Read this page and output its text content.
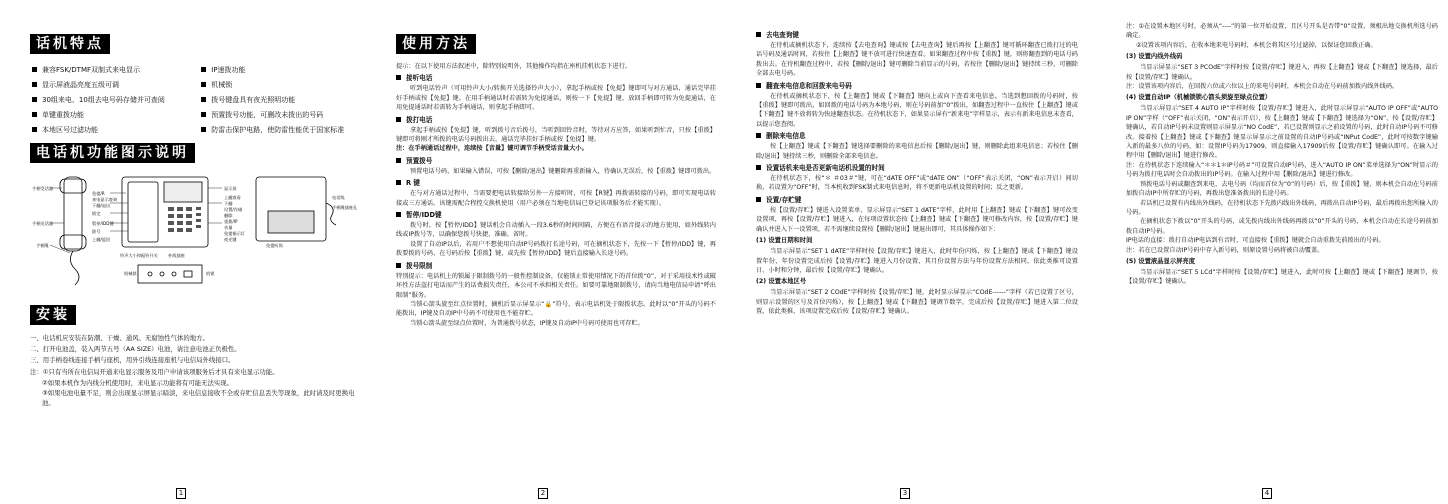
话机特点
兼容FSK/DTMF双制式来电显示
显示屏液晶亮度五级可调
30组来电、10组去电号码存储并可查阅
单键重拨功能
本地区号过滤功能
IP速拨功能
机械锁
拨号键盘具有夜光照明功能
预置拨号功能，可删改未拨出的号码
防雷击保护电路，使防雷性能优于国家标准
电话机功能图示说明
手柄受话器
手柄送话器
手柄绳
免提/R
来电显示查询
下翻/退出
锁定
暂停/IDD键
拨号
上翻/返回
显示屏
上翻查看
下翻
设置/存储
删除
重拨/IP
音量
免提指示灯
夜光键
电话线
手柄绳插座孔
免提听筒
铃声大小和振铃开关 外线插座
机械锁	机锁
安装
一、电话机应安装在防潮、干燥、通风、无腐蚀性气体的地方。
二、打开电池盖，装入两节五号（AA SIZE）电池，请注意电池正负极性。
三、用手柄卷线连接手柄与座机，用外引线连接座机与电信局外线接口。
注：①只有当所在电信局开通来电显示服务及用户申请该项服务后才具有来电显示功能。
②如果本机作为内线分机使用时，来电显示功能将有可能无法实现。
③如果电池电量不足，则会出现显示屏显示暗淡，来电信息接收不全或存贮信息丢失等现象，此时请及时更换电池。
1
使用方法

提示：在以下使用方法叙述中，除特别说明外，其他操作均指在座机挂机状态下进行。

接听电话

听到电话铃声（可用铃声大小/转换开关选择铃声大小），拿起手柄或按【免提】键即可与对方通话，通话完毕挂好手柄或按【免提】键。在用手柄通话时若需转为免提通话，则按一下【免提】键，放回手柄即可转为免提通话，在用免提通话时若需转为手柄通话，则拿起手柄即可。

拨打电话

拿起手柄或按【免提】键，听到拨号音后拨号，当听到回铃音时，等待对方应答，如果听到忙音，只按【重拨】键即可将刚才所拨的电话号码拨出去，通话完毕挂好手柄或按【免提】键。

注：在手柄通话过程中，连续按【音量】键可调节手柄受话音量大小。

预置拨号

预置电话号码，如果输入错误，可按【删除/退出】键删除再重新输入，待确认无误后，按【重拨】键即可拨出。

R 键

在与对方通话过程中，当需要把电话转接给另外一方接听时，可按【R键】再拨需转接的号码，即可实现电话转接或三方通话。该键需配合程控交换机使用（用户必须在当地电信局已登记该项服务后才能实现）。

暂停/IDD键

拨号时，按【暂停/IDD】键话机会自动插入一段3.6秒的时间间隔，方便在有语音提示的地方使用，如外线转内线或IP拨号等，以确保您拨号快捷、准确、省时。

设置了自动IP以后，若用户不想使用自动IP号码拨打长途号码，可在摘机状态下，先按一下【暂停/IDD】键，再拨要拨的号码，在号码后按【重拨】键，或先按【暂停/IDD】键后直接输入长途号码。

拨号限制

特别提示：电话机上的锁属于限制拨号的一般性控制设备，仅能锁止常使用情况下的首位拨“0”，对于采用技术性或破坏性方法盗打电话而产生的话费损失责任，本公司不承担相关责任。如要可靠地限制拨号，请向当地电信局申请“呼出限制”服务。

当锁心箭头旋至红点位置时，摘机后显示屏显示“🔒”符号，表示电话机处于限拨状态。此时以“0”开头的号码不能拨出，IP键及自动IP中号码不可使用也不能存贮。

当锁心箭头旋至绿点位置时，为普通拨号状态，IP键及自动IP中号码可使用也可存贮。

2
去电查询键

在待机或摘机状态下，连续按【去电查询】键或按【去电查询】键后再按【上翻查】键可循环翻查已拨打过的电话号码及通话时间，若按住【上翻查】键不放可进行快速查看。如果翻查过程中按【重拨】键，则将翻查到的电话号码拨出去。在待机翻查过程中，若按【删除/退出】键可删除当前显示的号码，若按住【删除/退出】键持续三秒，可删除全部去电号码。

翻查来电信息和回拨来电号码

在待机或摘机状态下，按【上翻查】键或【下翻查】键向上或向下查看来电信息。当选到想回拨的号码时，按【重拨】键即可拨出，如回拨的电话号码为本地号码，则在号码前加“0”拨出，如翻查过程中一直按住【上翻查】键或【下翻查】键不放将转为快速翻查状态。在待机状态下，如果显示屏有“新来电”字样显示，表示有新来电信息未查看，以提示您查阅。

删除来电信息

按【上翻查】键或【下翻查】键选择要删除的来电信息后按【删除/退出】键，则删除此组来电信息；若按住【删除/退出】键持续三秒，则删除全部来电信息。

设置话机来电是否更新电话机设置的时间

在待机状态下，按“＊ ＃03＃”键，可在“dATE OFF”或“dATE ON”（“OFF”表示关闭，“ON”表示开启）间切换，若设置为“OFF”时，当本机收到FSK制式来电信息时，将不更新电话机设置的时间；反之更新。

设置/存贮键

按【设置/存贮】键进入设置菜单，显示屏显示“SET 1 dATE”字样，此时用【上翻查】键或【下翻查】键可改变设置项，再按【设置/存贮】键进入，在每项设置状态按【上翻查】键或【下翻查】键可修改内容，按【设置/存贮】键确认并进入下一设置项，若不需继续设置按【删除/退出】键退出即可，其具体操作如下：

(1) 设置日期和时间

当显示屏显示“SET 1 dATE”字样时按【设置/存贮】键进入，此时年份闪烁，按【上翻查】键或【下翻查】键设置年份，年份设置完成后按【设置/存贮】键进入月份设置，其月份设置方法与年份设置方法相同，依此类推可设置日、小时和分钟，最后按【设置/存贮】键确认。

(2) 设置本地区号

当显示屏显示“SET 2 COdE”字样时按【设置/存贮】键，此时显示屏显示“COdE------”字样（若已设置了区号，则显示设置的区号及首位闪烁），按【上翻查】键或【下翻查】键调节数字，完成后按【设置/存贮】键进入第二位设置，依此类推，该项设置完成后按【设置/存贮】键确认。

3

注：①在设置本地区号时，必须从“----”的第一位开始设置，且区号开头是否带“0”设置，须根出地交换机所选号码确定。

②设置该项内容后，在收本地来电号码时，本机会将其区号过滤掉，以保证您回拨正确。

(3) 设置内线外线码

当显示屏显示“SET 3 PCOdE”字样时按【设置/存贮】键进入，再按【上翻查】键或【下翻查】键选择，最后按【设置/存贮】键确认。

注：设置该项内容后，在回拨六位或六位以上的来电号码时，本机会自动在号码前加拨内线外线码。

(4) 设置自动IP（机械锁锁心箭头须旋至绿点位置）

当显示屏显示“SET 4 AUTO IP”字样时按【设置/存贮】键进入，此时显示屏显示“AUTO IP OFF”或“AUTO IP ON”字样（“OFF”表示关闭，“ON”表示开启），按【上翻查】键或【下翻查】键选择为“ON”，按【设置/存贮】键确认，若自动IP号码未设置则显示屏显示“NO CodE”，若已设置则显示之前设置的号码，此时自动IP号码不可修改。接着按【上翻查】键或【下翻查】键显示屏显示之前设置的自动IP号码或“INPut CodE”，此时可按数字键输入新的最多八位的号码，如：设置IP号码为17909，则直接输入17909后按【设置/存贮】键确认即可。在输入过程中用【删除/退出】键进行修改。

注：在待机状态下连续输入“＊＊1＊IP号码＃”可设置自动IP号码，进入“AUTO IP ON”菜单选择为“ON”时显示的号码为拨打电话时会自动拨出的IP号码。在输入过程中用【删除/退出】键进行修改。

预拨电话号码或翻查到来电、去电号码（均而首位为“0”的号码）后，按【重拨】键，则本机会自动在号码前加拨自动IP中所存贮的号码，再拨出您准备拨出的长途号码。

若话机已设置有内线出外线码，在待机状态下先拨内线出外线码，再拨出自动IP号码，最后再拨出您所输入的号码。

在摘机状态下拨以“0”开头的号码，或先拨内线出外线码再拨以“0”开头的号码，本机会自动在长途号码前加拨自动IP号码。

IP电话的直接：拨打自动IP电话到有音时，可直接按【重拨】键就会自动重拨先前拨出的号码。

注：若在已设置自动IP号码中存入新号码，则原设置号码将被自动覆盖。

(5) 设置液晶显示屏亮度

当显示屏显示“SET 5 LCd”字样时按【设置/存贮】键进入，此时可按【上翻查】键或【下翻查】键调节，按【设置/存贮】键确认。

4
